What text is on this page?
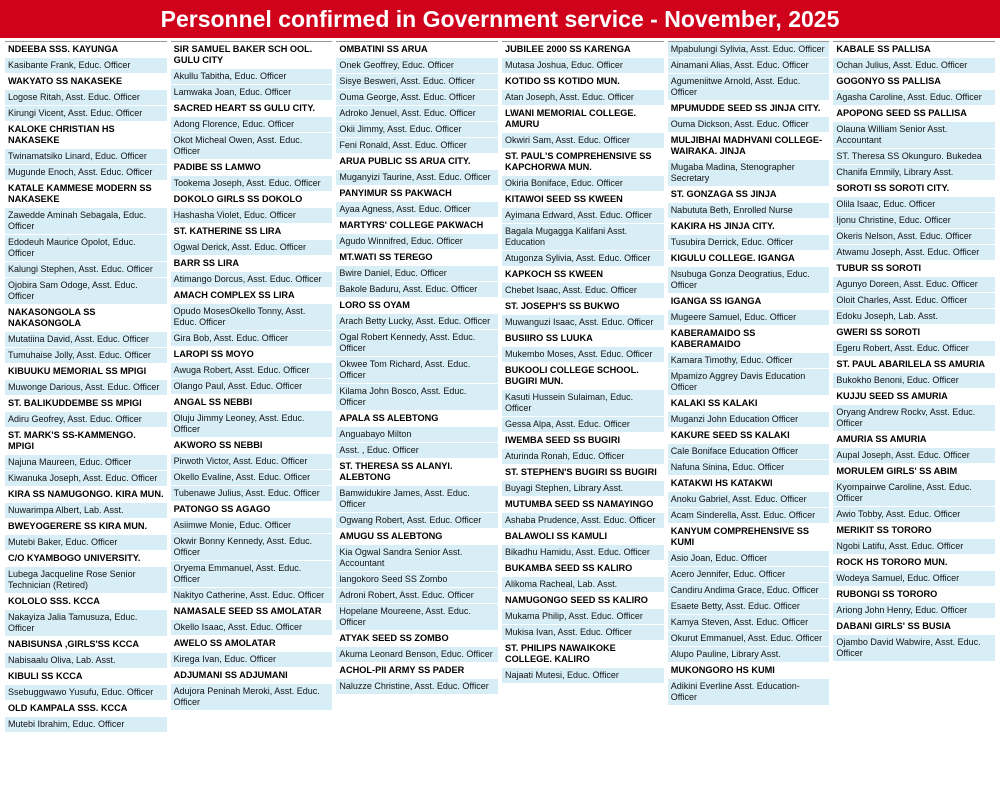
Personnel confirmed in Government service - November, 2025
NDEEBA SSS. KAYUNGA
Kasibante Frank, Educ. Officer
WAKYATO SS NAKASEKE
Logose Ritah, Asst. Educ. Officer
Kirungi Vicent, Asst. Educ. Officer
KALOKE CHRISTIAN HS NAKASEKE
Twinamatsiko Linard, Educ. Officer
Mugunde Enoch, Asst. Educ. Officer
KATALE KAMMESE MODERN SS NAKASEKE
Zawedde Aminah Sebagala, Educ. Officer
Edodeuh Maurice Opolot, Educ. Officer
Kalungi Stephen, Asst. Educ. Officer
Ojobira Sam Odoge, Asst. Educ. Officer
NAKASONGOLA SS NAKASONGOLA
Mutatiina David, Asst. Educ. Officer
Tumuhaise Jolly, Asst. Educ. Officer
KIBUUKU MEMORIAL SS MPIGI
Muwonge Darious, Asst. Educ. Officer
ST. BALIKUDDEMBE SS MPIGI
Adiru Geofrey, Asst. Educ. Officer
ST. MARK'S SS-KAMMENGO. MPIGI
Najuna Maureen, Educ. Officer
Kiwanuka Joseph, Asst. Educ. Officer
KIRA SS NAMUGONGO. KIRA MUN.
Nuwarimpa Albert, Lab. Asst.
BWEYOGERERE SS KIRA MUN.
Mutebi Baker, Educ. Officer
C/O KYAMBOGO UNIVERSITY.
Lubega Jacqueline Rose Senior Technician (Retired)
KOLOLO SSS. KCCA
Nakayiza Jalia Tamusuza, Educ. Officer
NABISUNSA ,GIRLS'SS KCCA
Nabisaalu Oliva, Lab. Asst.
KIBULI SS KCCA
Ssebuggwawo Yusufu, Educ. Officer
OLD KAMPALA SSS. KCCA
Mutebi Ibrahim, Educ. Officer
SIR SAMUEL BAKER SCH OOL. GULU CITY
Akullu Tabitha, Educ. Officer
Lamwaka Joan, Educ. Officer
SACRED HEART SS GULU CITY.
Adong Florence, Educ. Officer
Okot Micheal Owen, Asst. Educ. Officer
PADIBE SS LAMWO
Tookema Joseph, Asst. Educ. Officer
DOKOLO GIRLS SS DOKOLO
Hashasha Violet, Educ. Officer
ST. KATHERINE SS LIRA
Ogwal Derick, Asst. Educ. Officer
BARR SS LIRA
Atimango Dorcus, Asst. Educ. Officer
AMACH COMPLEX SS LIRA
Opudo MosesOkello Tonny, Asst. Educ. Officer
Gira Bob, Asst. Educ. Officer
LAROPI SS MOYO
Awuga Robert, Asst. Educ. Officer
Olango Paul, Asst. Educ. Officer
ANGAL SS NEBBI
Oluju Jimmy Leoney, Asst. Educ. Officer
AKWORO SS NEBBI
Pirwoth Victor, Asst. Educ. Officer
Okello Evaline, Asst. Educ. Officer
Tubenawe Julius, Asst. Educ. Officer
PATONGO SS AGAGO
Asiimwe Monie, Educ. Officer
Okwir Bonny Kennedy, Asst. Educ. Officer
Oryema Emmanuel, Asst. Educ. Officer
Nakityo Catherine, Asst. Educ. Officer
NAMASALE SEED SS AMOLATAR
Okello Isaac, Asst. Educ. Officer
AWELO SS AMOLATAR
Kirega Ivan, Educ. Officer
ADJUMANI SS ADJUMANI
Adujora Peninah Meroki, Asst. Educ. Officer
OMBATINI SS ARUA
Onek Geoffrey, Educ. Officer
Sisye Besweri, Asst. Educ. Officer
Ouma George, Asst. Educ. Officer
Adroko Jenuel, Asst. Educ. Officer
Okii Jimmy, Asst. Educ. Officer
Feni Ronald, Asst. Educ. Officer
ARUA PUBLIC SS ARUA CITY.
Muganyizi Taurine, Asst. Educ. Officer
PANYIMUR SS PAKWACH
Ayaa Agness, Asst. Educ. Officer
MARTYRS' COLLEGE PAKWACH
Agudo Winnifred, Educ. Officer
MT.WATI SS TEREGO
Bwire Daniel, Educ. Officer
Bakole Baduru, Asst. Educ. Officer
LORO SS OYAM
Arach Betty Lucky, Asst. Educ. Officer
Ogal Robert Kennedy, Asst. Educ. Officer
Okwee Tom Richard, Asst. Educ. Officer
Kilama John Bosco, Asst. Educ. Officer
APALA SS ALEBTONG
Anguabayo Milton
Asst. , Educ. Officer
ST. THERESA SS ALANYI. ALEBTONG
Bamwidukire James, Asst. Educ. Officer
Ogwang Robert, Asst. Educ. Officer
AMUGU SS ALEBTONG
Kia Ogwal Sandra Senior Asst. Accountant
langokoro Seed SS Zombo
Adroni Robert, Asst. Educ. Officer
Hopelane Moureene, Asst. Educ. Officer
ATYAK SEED SS ZOMBO
Akuma Leonard Benson, Educ. Officer
ACHOL-PII ARMY SS PADER
Naluzze Christine, Asst. Educ. Officer
JUBILEE 2000 SS KARENGA
Mutasa Joshua, Educ. Officer
KOTIDO SS KOTIDO MUN.
Atan Joseph, Asst. Educ. Officer
LWANI MEMORIAL COLLEGE. AMURU
Okwiri Sam, Asst. Educ. Officer
ST. PAUL'S COMPREHENSIVE SS KAPCHORWA MUN.
Okiria Boniface, Educ. Officer
KITAWOI SEED SS KWEEN
Ayimana Edward, Asst. Educ. Officer
Bagala Mugagga Kalifani Asst. Education
Atugonza Sylivia, Asst. Educ. Officer
KAPKOCH SS KWEEN
Chebet Isaac, Asst. Educ. Officer
ST. JOSEPH'S SS BUKWO
Muwanguzi Isaac, Asst. Educ. Officer
BUSIIRO SS LUUKA
Mukembo Moses, Asst. Educ. Officer
BUKOOLI COLLEGE SCHOOL. BUGIRI MUN.
Kasuti Hussein Sulaiman, Educ. Officer
Gessa Alpa, Asst. Educ. Officer
IWEMBA SEED SS BUGIRI
Aturinda Ronah, Educ. Officer
ST. STEPHEN'S BUGIRI SS BUGIRI
Buyagi Stephen, Library Asst.
MUTUMBA SEED SS NAMAYINGO
Ashaba Prudence, Asst. Educ. Officer
BALAWOLI SS KAMULI
Bikadhu Hamidu, Asst. Educ. Officer
BUKAMBA SEED SS KALIRO
Alikoma Racheal, Lab. Asst.
NAMUGONGO SEED SS KALIRO
Mukama Philip, Asst. Educ. Officer
Mukisa Ivan, Asst. Educ. Officer
ST. PHILIPS NAWAIKOKE COLLEGE. KALIRO
Najaati Mutesi, Educ. Officer
Mpabulungi Sylivia, Asst. Educ. Officer
Ainamani Alias, Asst. Educ. Officer
Agumeniitwe Arnold, Asst. Educ. Officer
MPUMUDDE SEED SS JINJA CITY.
Ouma Dickson, Asst. Educ. Officer
MULJIBHAI MADHVANI COLLEGE-WAIRAKA. JINJA
Mugaba Madina, Stenographer Secretary
ST. GONZAGA SS JINJA
Nabututa Beth, Enrolled Nurse
KAKIRA HS JINJA CITY.
Tusubira Derrick, Educ. Officer
KIGULU COLLEGE. IGANGA
Nsubuga Gonza Deogratius, Educ. Officer
IGANGA SS IGANGA
Mugeere Samuel, Educ. Officer
KABERAMAIDO SS KABERAMAIDO
Kamara Timothy, Educ. Officer
Mpamizo Aggrey Davis Education Officer
KALAKI SS KALAKI
Muganzi John Education Officer
KAKURE SEED SS KALAKI
Cale Boniface Education Officer
Nafuna Sinina, Educ. Officer
KATAKWI HS KATAKWI
Anoku Gabriel, Asst. Educ. Officer
Acam Sinderella, Asst. Educ. Officer
KANYUM COMPREHENSIVE SS KUMI
Asio Joan, Educ. Officer
Acero Jennifer, Educ. Officer
Candiru Andima Grace, Educ. Officer
Esaete Betty, Asst. Educ. Officer
Kamya Steven, Asst. Educ. Officer
Okurut Emmanuel, Asst. Educ. Officer
Alupo Pauline, Library Asst.
MUKONGORO HS KUMI
Adikini Everline Asst. Education- Officer
KABALE SS PALLISA
Ochan Julius, Asst. Educ. Officer
GOGONYO SS PALLISA
Agasha Caroline, Asst. Educ. Officer
APOPONG SEED SS PALLISA
Olauna William Senior Asst. Accountant
ST. Theresa SS Okunguro. Bukedea
Chanifa Emmily, Library Asst.
SOROTI SS SOROTI CITY.
Olila Isaac, Educ. Officer
Ijonu Christine, Educ. Officer
Okeris Nelson, Asst. Educ. Officer
Atwamu Joseph, Asst. Educ. Officer
TUBUR SS SOROTI
Agunyo Doreen, Asst. Educ. Officer
Oloit Charles, Asst. Educ. Officer
Edoku Joseph, Lab. Asst.
GWERI SS SOROTI
Egeru Robert, Asst. Educ. Officer
ST. PAUL ABARILELA SS AMURIA
Bukokho Benoni, Educ. Officer
KUJJU SEED SS AMURIA
Oryang Andrew Rockv, Asst. Educ. Officer
AMURIA SS AMURIA
Aupal Joseph, Asst. Educ. Officer
MORULEM GIRLS' SS ABIM
Kyompairwe Caroline, Asst. Educ. Officer
Awio Tobby, Asst. Educ. Officer
MERIKIT SS TORORO
Ngobi Latifu, Asst. Educ. Officer
ROCK HS TORORO MUN.
Wodeya Samuel, Educ. Officer
RUBONGI SS TORORO
Ariong John Henry, Educ. Officer
DABANI GIRLS' SS BUSIA
Ojambo David Wabwire, Asst. Educ. Officer
